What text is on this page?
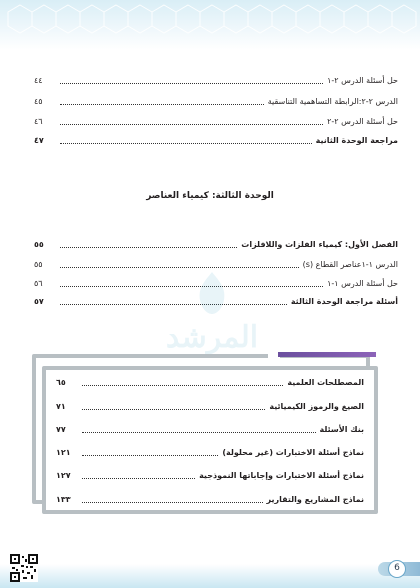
حل أسئلة الدرس ٢-١
٤٤
الدرس ٢-٢:الرابطة التساهمية التناسقية
٤٥
حل أسئلة الدرس ٢-٢
٤٦
مراجعة الوحدة الثانية
٤٧
الوحدة الثالثة: كيمياء العناصر
الفصل الأول: كيمياء الفلزات واللافلزات
٥٥
الدرس ١-١عناصر القطاع (s)
٥٥
حل أسئلة الدرس ١-١
٥٦
أسئلة مراجعة الوحدة الثالثة
٥٧
المرشد
المصطلحات العلمية
٦٥
الصيغ والرموز الكيميائية
٧١
بنك الأسئلة
٧٧
نماذج أسئلة الاختبارات (غير محلولة)
١٢١
نماذج أسئلة الاختبارات وإجاباتها النموذجية
١٢٧
نماذج المشاريع والتقارير
١٣٣
6
